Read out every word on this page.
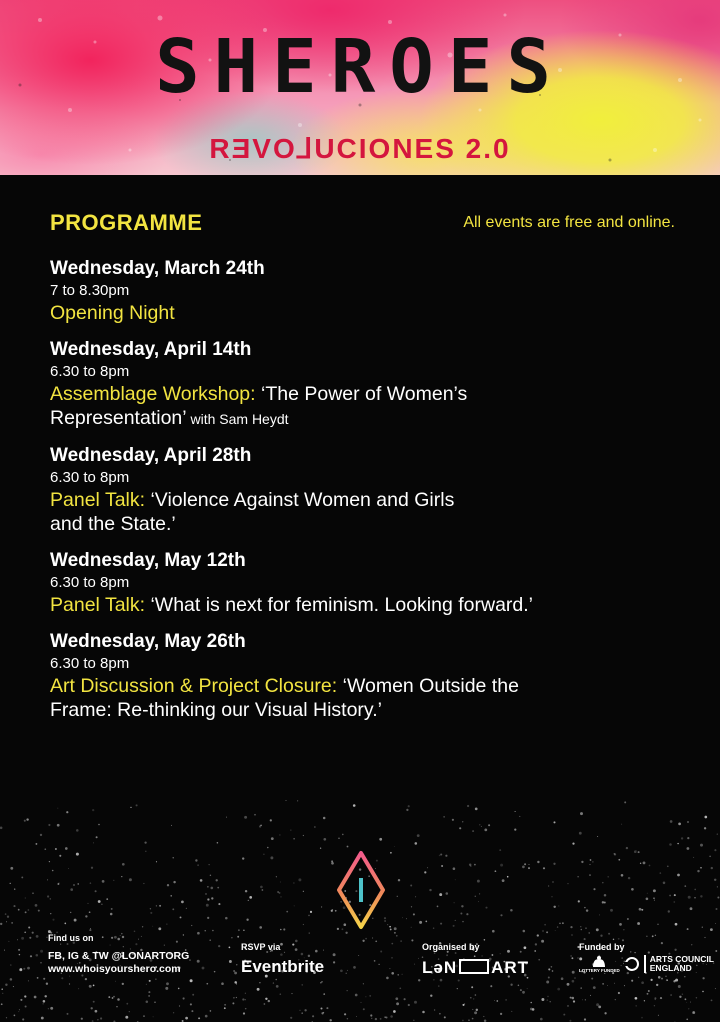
SHEROES
RƎVO⅃UCIONES 2.0
PROGRAMME	All events are free and online.
Wednesday, March 24th
7 to 8.30pm
Opening Night
Wednesday, April 14th
6.30 to 8pm
Assemblage Workshop: ‘The Power of Women’s Representation’ with Sam Heydt
Wednesday, April 28th
6.30 to 8pm
Panel Talk: ‘Violence Against Women and Girls and the State.’
Wednesday, May 12th
6.30 to 8pm
Panel Talk: ‘What is next for feminism. Looking forward.’
Wednesday, May 26th
6.30 to 8pm
Art Discussion & Project Closure: ‘Women Outside the Frame: Re-thinking our Visual History.’
Find us on
FB, IG & TW @LONARTORG
www.whoisyourshero.com
RSVP via
Eventbrite
Organised by
LəN ART
Funded by
LOTTERY FUNDED
ARTS COUNCIL
ENGLAND
